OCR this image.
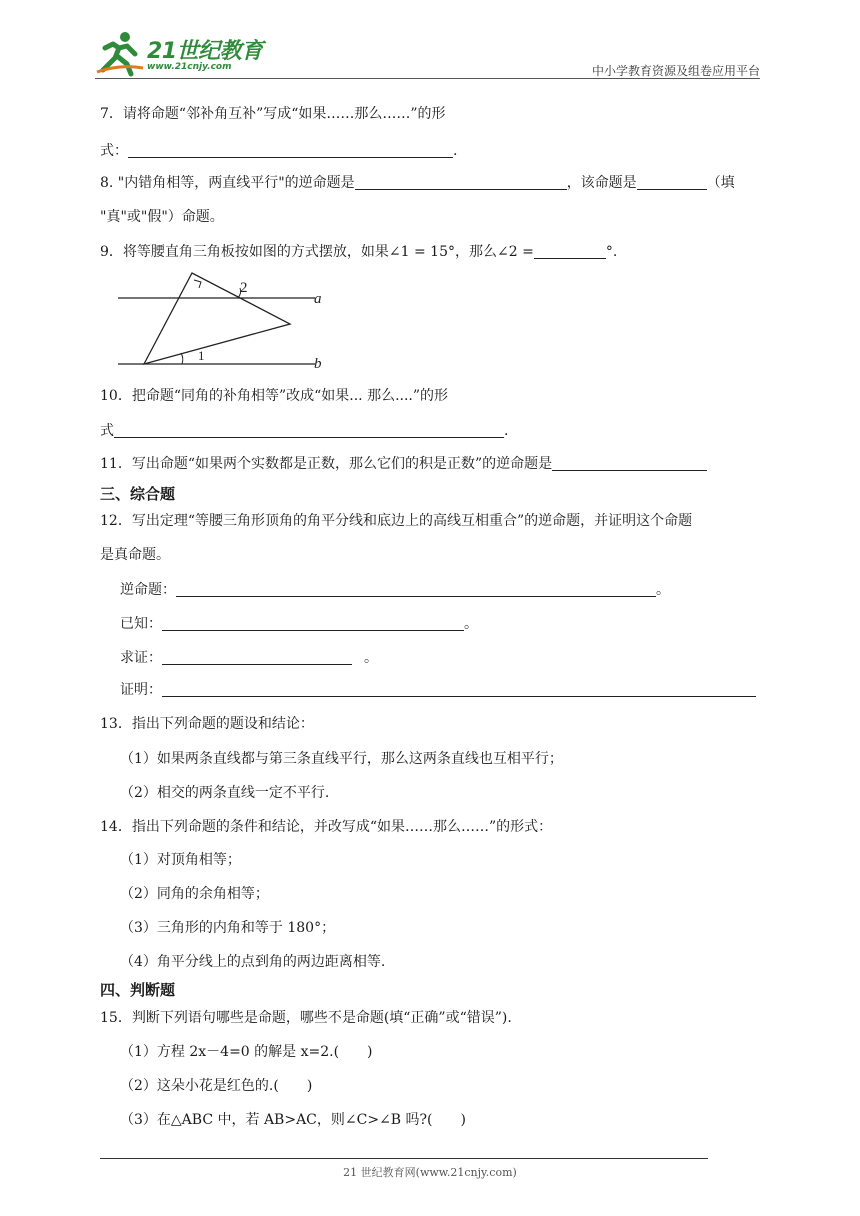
21世纪教育
www.21cnjy.com	中小学教育资源及组卷应用平台
7．请将命题“邻补角互补”写成“如果……那么……”的形
式：	.
8. "内错角相等，两直线平行"的逆命题是	，该命题是	（填
"真"或"假"）命题。
9．将等腰直角三角板按如图的方式摆放，如果∠1 = 15°，那么∠2 =	°.
2
1
a
b
10．把命题“同角的补角相等”改成“如果... 那么....”的形
式	.
11．写出命题“如果两个实数都是正数，那么它们的积是正数”的逆命题是
三、综合题
12．写出定理“等腰三角形顶角的角平分线和底边上的高线互相重合”的逆命题，并证明这个命题
是真命题。
逆命题：	。
已知：	。
求证：	。
证明：
13．指出下列命题的题设和结论：
（1）如果两条直线都与第三条直线平行，那么这两条直线也互相平行；
（2）相交的两条直线一定不平行.
14．指出下列命题的条件和结论，并改写成“如果……那么……”的形式：
（1）对顶角相等；
（2）同角的余角相等；
（3）三角形的内角和等于 180°；
（4）角平分线上的点到角的两边距离相等.
四、判断题
15．判断下列语句哪些是命题，哪些不是命题(填“正确”或“错误”).
（1）方程 2x－4=0 的解是 x=2.(　　)
（2）这朵小花是红色的.(　　)
（3）在△ABC 中，若 AB>AC，则∠C>∠B 吗?(　　)
21 世纪教育网(www.21cnjy.com)
